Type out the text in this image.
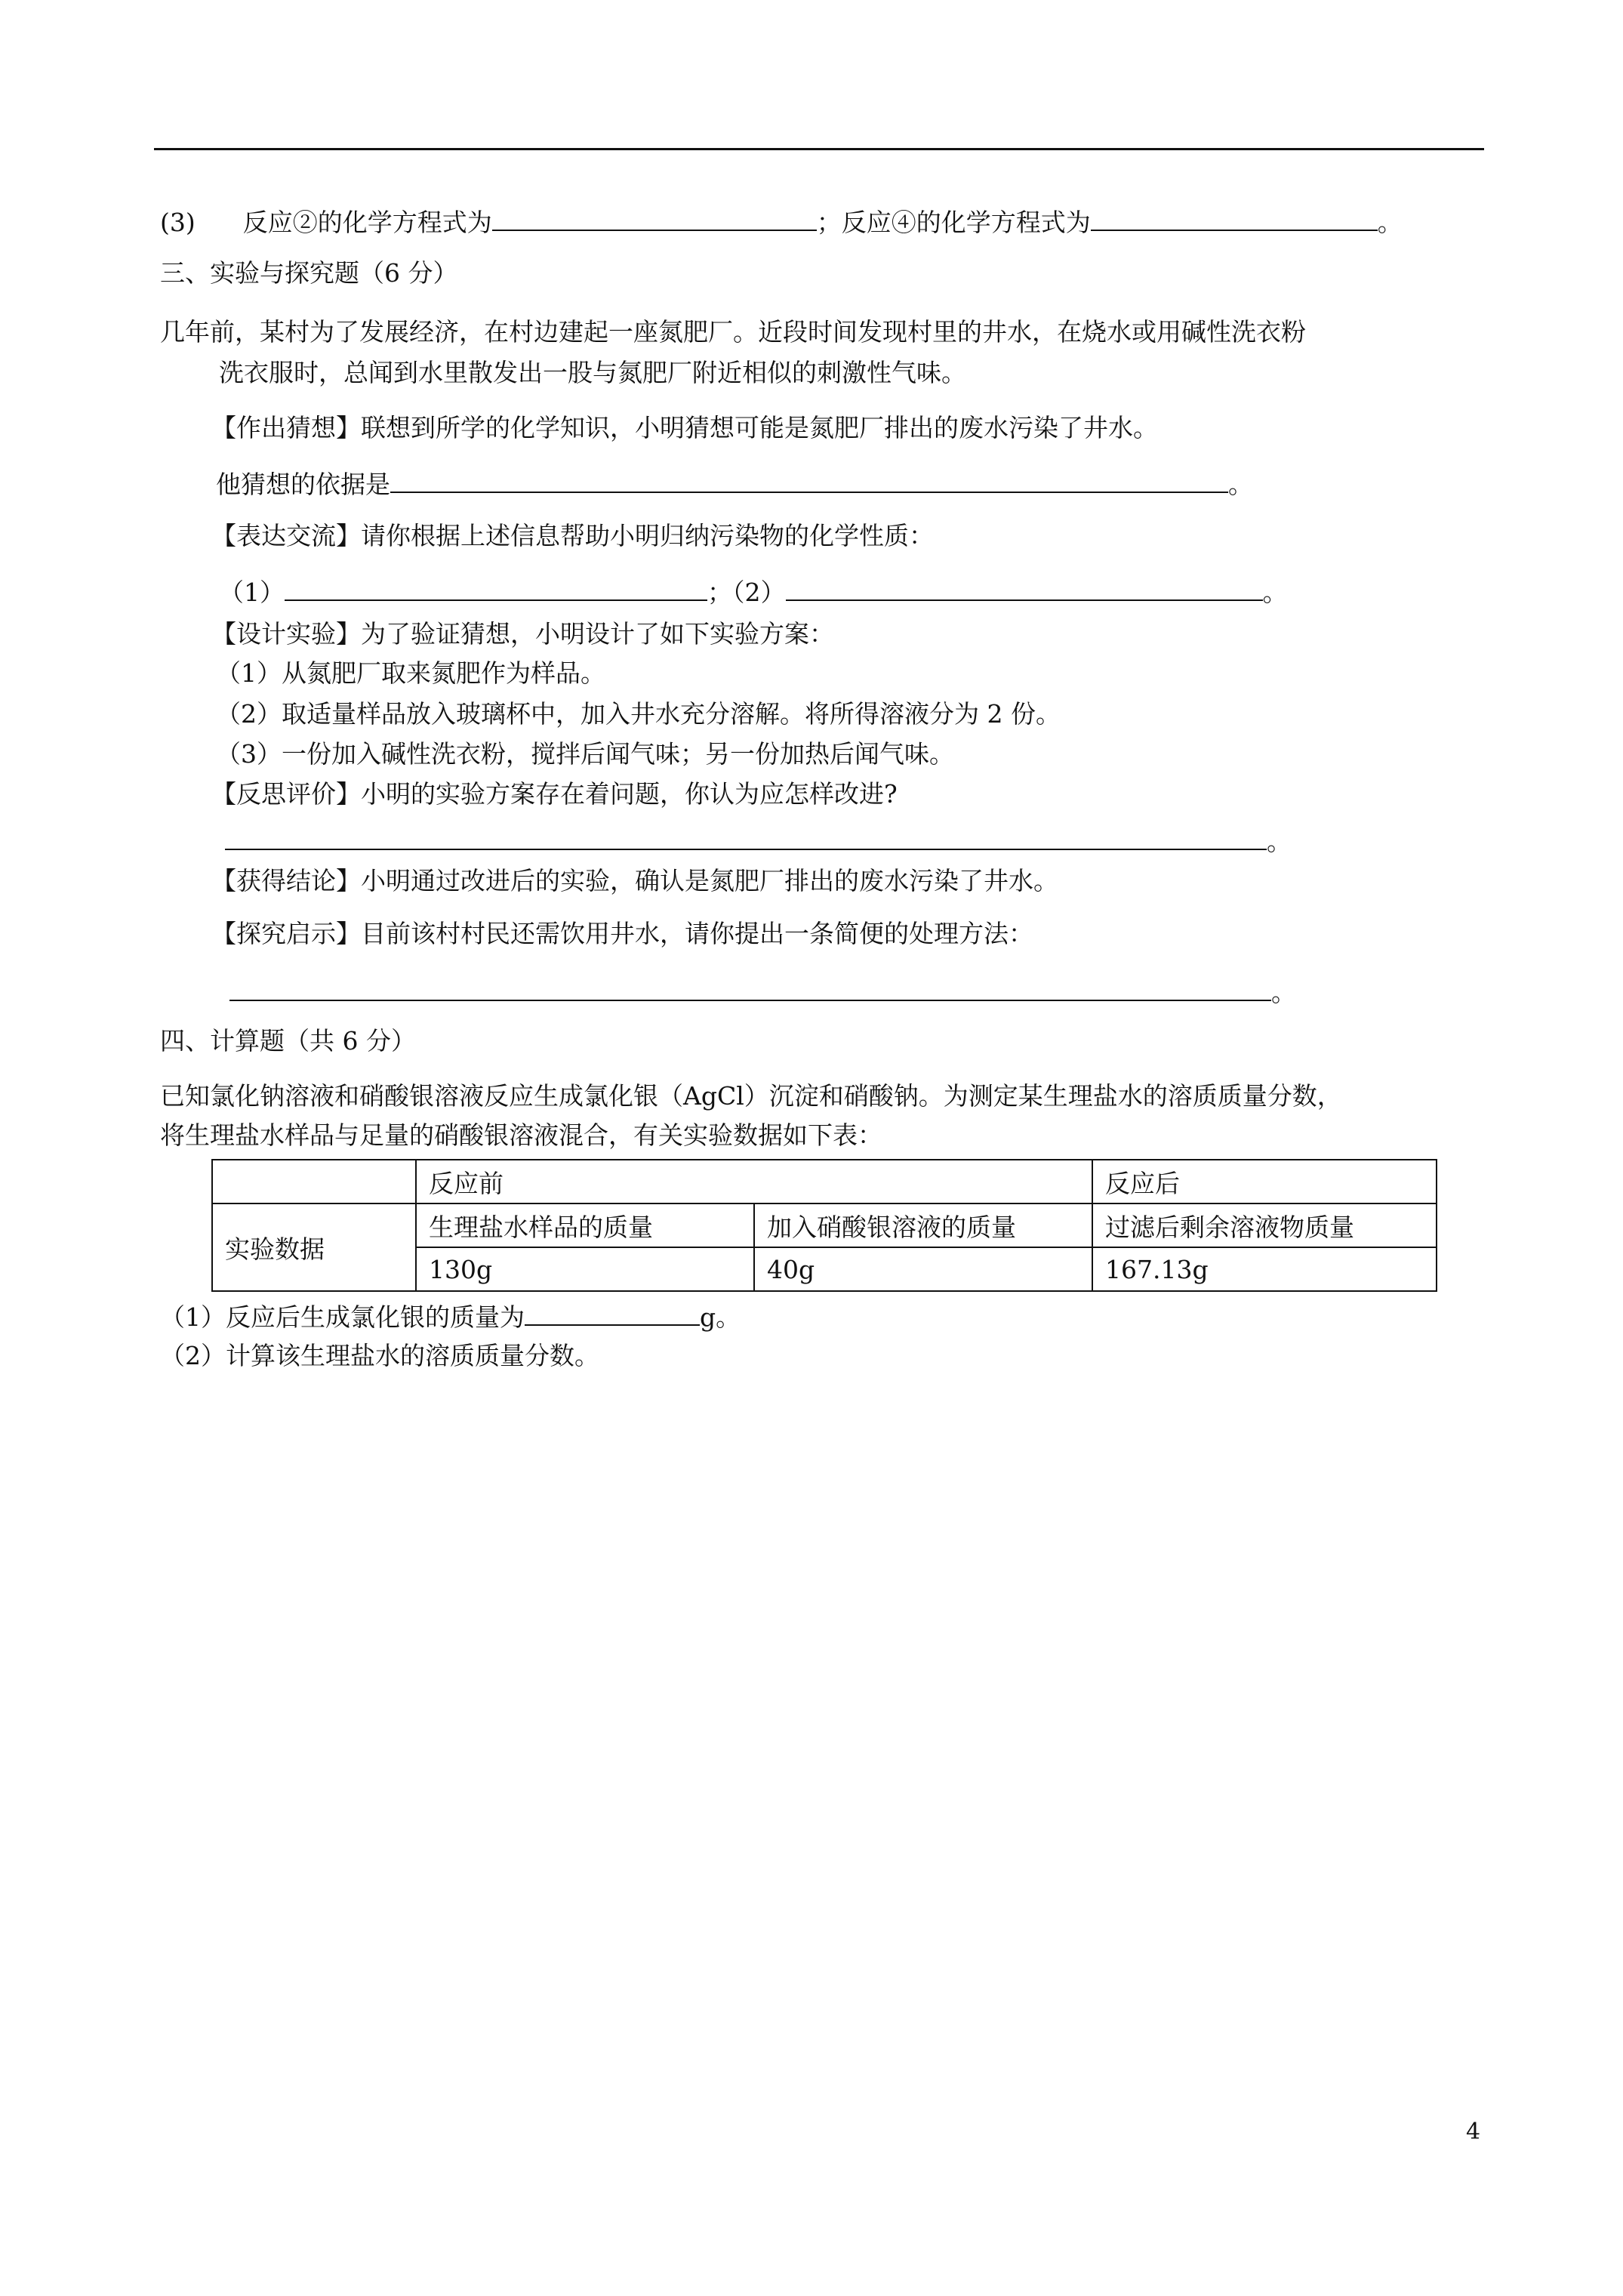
(3) 反应②的化学方程式为	；反应④的化学方程式为	。
三、实验与探究题（6 分）
几年前，某村为了发展经济，在村边建起一座氮肥厂。近段时间发现村里的井水，在烧水或用碱性洗衣粉
洗衣服时，总闻到水里散发出一股与氮肥厂附近相似的刺激性气味。
【作出猜想】联想到所学的化学知识，小明猜想可能是氮肥厂排出的废水污染了井水。
他猜想的依据是	。
【表达交流】请你根据上述信息帮助小明归纳污染物的化学性质：
（1）	；（2）	。
【设计实验】为了验证猜想，小明设计了如下实验方案：
（1）从氮肥厂取来氮肥作为样品。
（2）取适量样品放入玻璃杯中，加入井水充分溶解。将所得溶液分为 2 份。
（3）一份加入碱性洗衣粉，搅拌后闻气味；另一份加热后闻气味。
【反思评价】小明的实验方案存在着问题，你认为应怎样改进?
。
【获得结论】小明通过改进后的实验，确认是氮肥厂排出的废水污染了井水。
【探究启示】目前该村村民还需饮用井水，请你提出一条简便的处理方法：
。
四、计算题（共 6 分）
已知氯化钠溶液和硝酸银溶液反应生成氯化银（AgCl）沉淀和硝酸钠。为测定某生理盐水的溶质质量分数，
将生理盐水样品与足量的硝酸银溶液混合，有关实验数据如下表：
	反应前		反应后
实验数据	生理盐水样品的质量	加入硝酸银溶液的质量	过滤后剩余溶液物质量
	130g	40g	167.13g
（1）反应后生成氯化银的质量为	g。
（2）计算该生理盐水的溶质质量分数。
4
